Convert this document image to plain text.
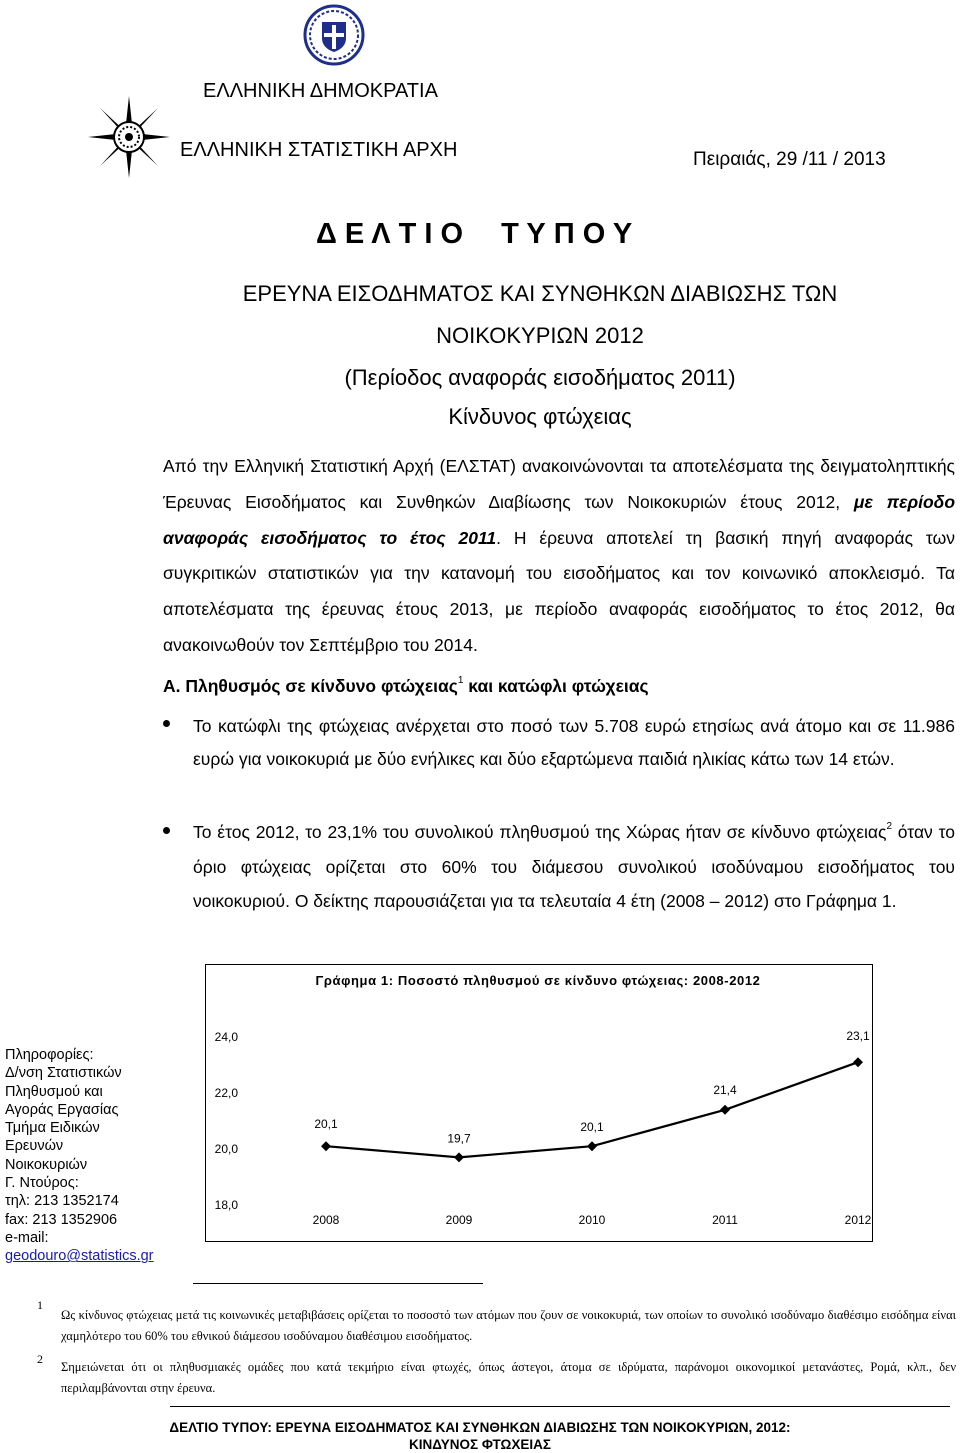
ΕΛΛΗΝΙΚΗ ΔΗΜΟΚΡΑΤΙΑ
ΕΛΛΗΝΙΚΗ ΣΤΑΤΙΣΤΙΚΗ ΑΡΧΗ	Πειραιάς, 29 /11 / 2013
Δ Ε Λ Τ Ι Ο Τ Υ Π Ο Υ
ΕΡΕΥΝΑ ΕΙΣΟΔΗΜΑΤΟΣ ΚΑΙ ΣΥΝΘΗΚΩΝ ΔΙΑΒΙΩΣΗΣ ΤΩΝ
ΝΟΙΚΟΚΥΡΙΩΝ 2012
(Περίοδος αναφοράς εισοδήματος 2011)
Κίνδυνος φτώχειας
Από την Ελληνική Στατιστική Αρχή (ΕΛΣΤΑΤ) ανακοινώνονται τα αποτελέσματα της δειγματοληπτικής Έρευνας Εισοδήματος και Συνθηκών Διαβίωσης των Νοικοκυριών έτους 2012, με περίοδο αναφοράς εισοδήματος το έτος 2011. Η έρευνα αποτελεί τη βασική πηγή αναφοράς των συγκριτικών στατιστικών για την κατανομή του εισοδήματος και τον κοινωνικό αποκλεισμό. Τα αποτελέσματα της έρευνας έτους 2013, με περίοδο αναφοράς εισοδήματος το έτος 2012, θα ανακοινωθούν τον Σεπτέμβριο του 2014.
Α. Πληθυσμός σε κίνδυνο φτώχειας$^1$ και κατώφλι φτώχειας
Το κατώφλι της φτώχειας ανέρχεται στο ποσό των 5.708 ευρώ ετησίως ανά άτομο και σε 11.986 ευρώ για νοικοκυριά με δύο ενήλικες και δύο εξαρτώμενα παιδιά ηλικίας κάτω των 14 ετών.
Το έτος 2012, το 23,1% του συνολικού πληθυσμού της Χώρας ήταν σε κίνδυνο φτώχειας$^2$ όταν το όριο φτώχειας ορίζεται στο 60% του διάμεσου συνολικού ισοδύναμου εισοδήματος του νοικοκυριού. Ο δείκτης παρουσιάζεται για τα τελευταία 4 έτη (2008 – 2012) στο Γράφημα 1.
Γράφημα 1: Ποσοστό πληθυσμού σε κίνδυνο φτώχειας: 2008-2012
24,0
22,0
20,0
18,0
2008	2009	2010	2011	2012
20,1
19,7
20,1
21,4
23,1
Πληροφορίες:
Δ/νση Στατιστικών
Πληθυσμού και
Αγοράς Εργασίας
Τμήμα Ειδικών
Ερευνών
Νοικοκυριών
Γ. Ντούρος:
τηλ: 213 1352174
fax: 213 1352906
e-mail:
geodouro@statistics.gr
1
Ως κίνδυνος φτώχειας μετά τις κοινωνικές μεταβιβάσεις ορίζεται το ποσοστό των ατόμων που ζουν σε νοικοκυριά, των οποίων το συνολικό ισοδύναμο διαθέσιμο εισόδημα είναι χαμηλότερο του 60% του εθνικού διάμεσου ισοδύναμου διαθέσιμου εισοδήματος.
2
Σημειώνεται ότι οι πληθυσμιακές ομάδες που κατά τεκμήριο είναι φτωχές, όπως άστεγοι, άτομα σε ιδρύματα, παράνομοι οικονομικοί μετανάστες, Ρομά, κλπ., δεν περιλαμβάνονται στην έρευνα.
ΔΕΛΤΙΟ ΤΥΠΟΥ: ΕΡΕΥΝΑ ΕΙΣΟΔΗΜΑΤΟΣ ΚΑΙ ΣΥΝΘΗΚΩΝ ΔΙΑΒΙΩΣΗΣ ΤΩΝ ΝΟΙΚΟΚΥΡΙΩΝ, 2012:
ΚΙΝΔΥΝΟΣ ΦΤΩΧΕΙΑΣ
